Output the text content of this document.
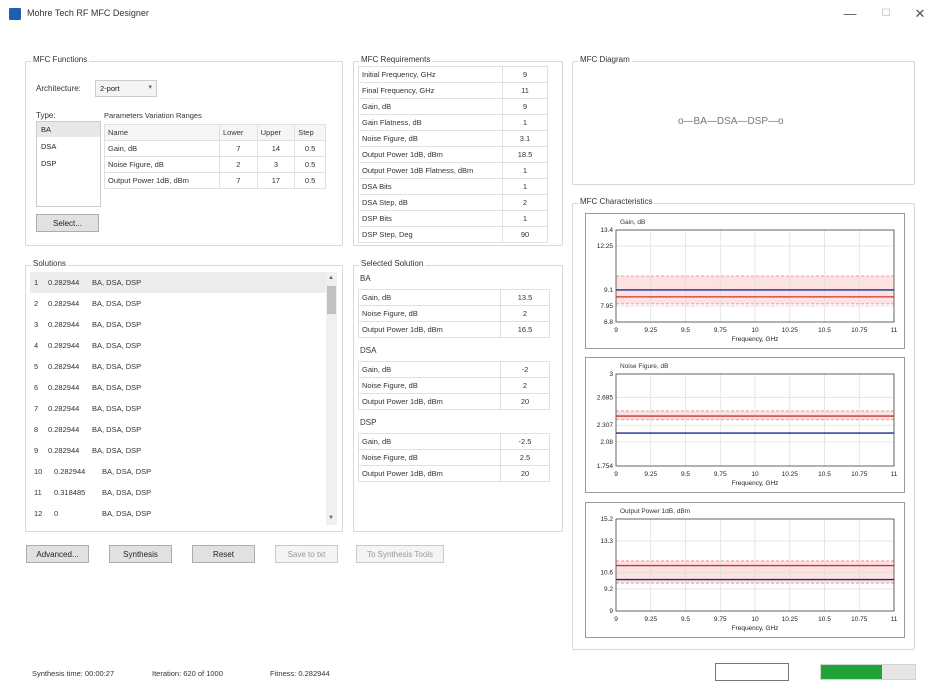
Mohre Tech RF MFC Designer	—	☐	✕
MFC Functions
Architecture:	2-port	▾
Type:
BA
DSA
DSP
Parameters Variation Ranges
Name	Lower	Upper	Step
Gain, dB	7	14	0.5
Noise Figure, dB	2	3	0.5
Output Power 1dB, dBm	7	17	0.5
Select...
MFC Requirements
Initial Frequency, GHz	9
Final Frequency, GHz	11
Gain, dB	9
Gain Flatness, dB	1
Noise Figure, dB	3.1
Output Power 1dB, dBm	18.5
Output Power 1dB Flatness, dBm	1
DSA Bits	1
DSA Step, dB	2
DSP Bits	1
DSP Step, Deg	90
MFC Diagram
o—BA—DSA—DSP—o
Solutions
1 0.282944 BA, DSA, DSP
2 0.282944 BA, DSA, DSP
3 0.282944 BA, DSA, DSP
4 0.282944 BA, DSA, DSP
5 0.282944 BA, DSA, DSP
6 0.282944 BA, DSA, DSP
7 0.282944 BA, DSA, DSP
8 0.282944 BA, DSA, DSP
9 0.282944 BA, DSA, DSP
10 0.282944 BA, DSA, DSP
11 0.318485 BA, DSA, DSP
12 0	BA, DSA, DSP
▲
▼
Selected Solution
BA
Gain, dB	13.5
Noise Figure, dB	2
Output Power 1dB, dBm	16.5
DSA
Gain, dB	-2
Noise Figure, dB	2
Output Power 1dB, dBm	20
DSP
Gain, dB	-2.5
Noise Figure, dB	2.5
Output Power 1dB, dBm	20
Advanced...	Synthesis	Reset	Save to txt	To Synthesis Tools
MFC Characteristics
Gain, dB
9	9.25	9.5	9.75	10	10.25	10.5	10.75	11
13.4
12.25
9.1
7.95
6.8
Frequency, GHz
Noise Figure, dB
9	9.25	9.5	9.75	10	10.25	10.5	10.75	11
3
2.685
2.307
2.08
1.754
Frequency, GHz
Output Power 1dB, dBm
9	9.25	9.5	9.75	10	10.25	10.5	10.75	11
15.2
13.3
10.6
9.2
9
Frequency, GHz
Synthesis time: 00:00:27	Iteration: 620 of 1000	Fitness: 0.282944
